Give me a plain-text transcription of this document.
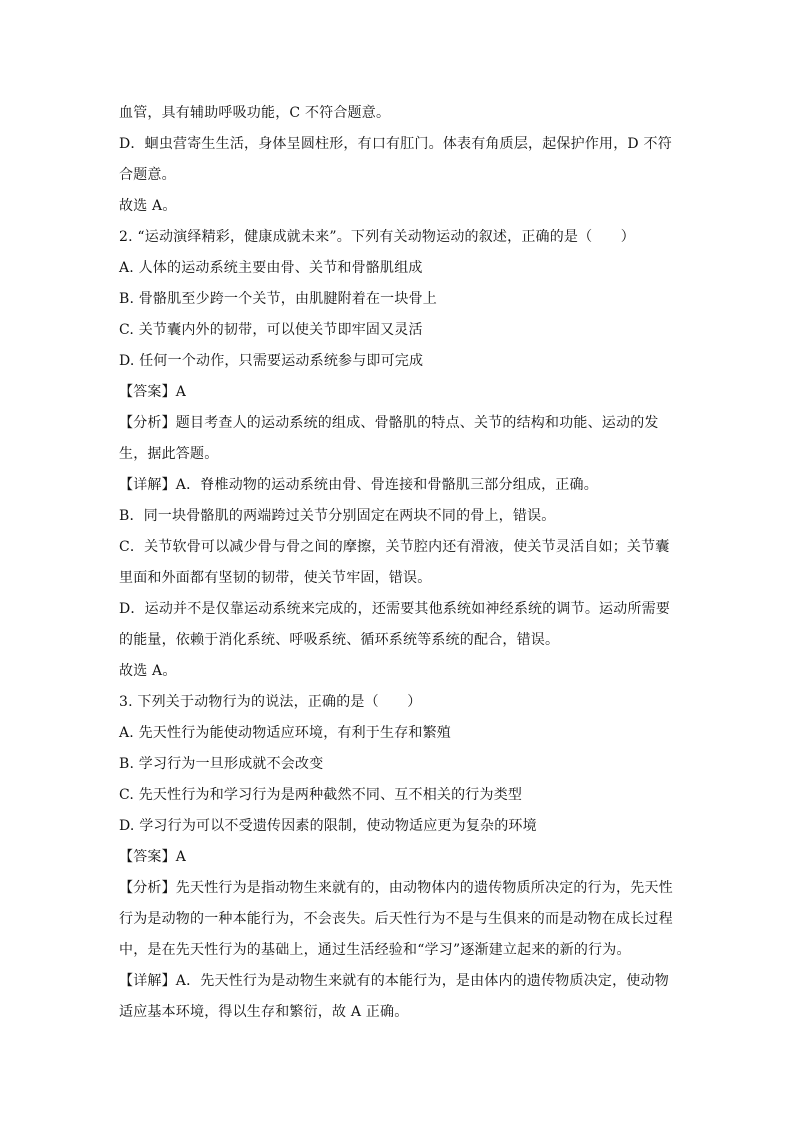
血管，具有辅助呼吸功能，C 不符合题意。
D．蛔虫营寄生生活，身体呈圆柱形，有口有肛门。体表有角质层，起保护作用，D 不符
合题意。
故选 A。
2. “运动演绎精彩，健康成就未来”。下列有关动物运动的叙述，正确的是（　　）
A. 人体的运动系统主要由骨、关节和骨骼肌组成
B. 骨骼肌至少跨一个关节，由肌腱附着在一块骨上
C. 关节囊内外的韧带，可以使关节即牢固又灵活
D. 任何一个动作，只需要运动系统参与即可完成
【答案】A
【分析】题目考查人的运动系统的组成、骨骼肌的特点、关节的结构和功能、运动的发
生，据此答题。
【详解】A．脊椎动物的运动系统由骨、骨连接和骨骼肌三部分组成，正确。
B．同一块骨骼肌的两端跨过关节分别固定在两块不同的骨上，错误。
C．关节软骨可以减少骨与骨之间的摩擦，关节腔内还有滑液，使关节灵活自如；关节囊
里面和外面都有坚韧的韧带，使关节牢固，错误。
D．运动并不是仅靠运动系统来完成的，还需要其他系统如神经系统的调节。运动所需要
的能量，依赖于消化系统、呼吸系统、循环系统等系统的配合，错误。
故选 A。
3. 下列关于动物行为的说法，正确的是（　　）
A. 先天性行为能使动物适应环境，有利于生存和繁殖
B. 学习行为一旦形成就不会改变
C. 先天性行为和学习行为是两种截然不同、互不相关的行为类型
D. 学习行为可以不受遗传因素的限制，使动物适应更为复杂的环境
【答案】A
【分析】先天性行为是指动物生来就有的，由动物体内的遗传物质所决定的行为，先天性
行为是动物的一种本能行为，不会丧失。后天性行为不是与生俱来的而是动物在成长过程
中，是在先天性行为的基础上，通过生活经验和“学习”逐渐建立起来的新的行为。
【详解】A．先天性行为是动物生来就有的本能行为，是由体内的遗传物质决定，使动物
适应基本环境，得以生存和繁衍，故 A 正确。
